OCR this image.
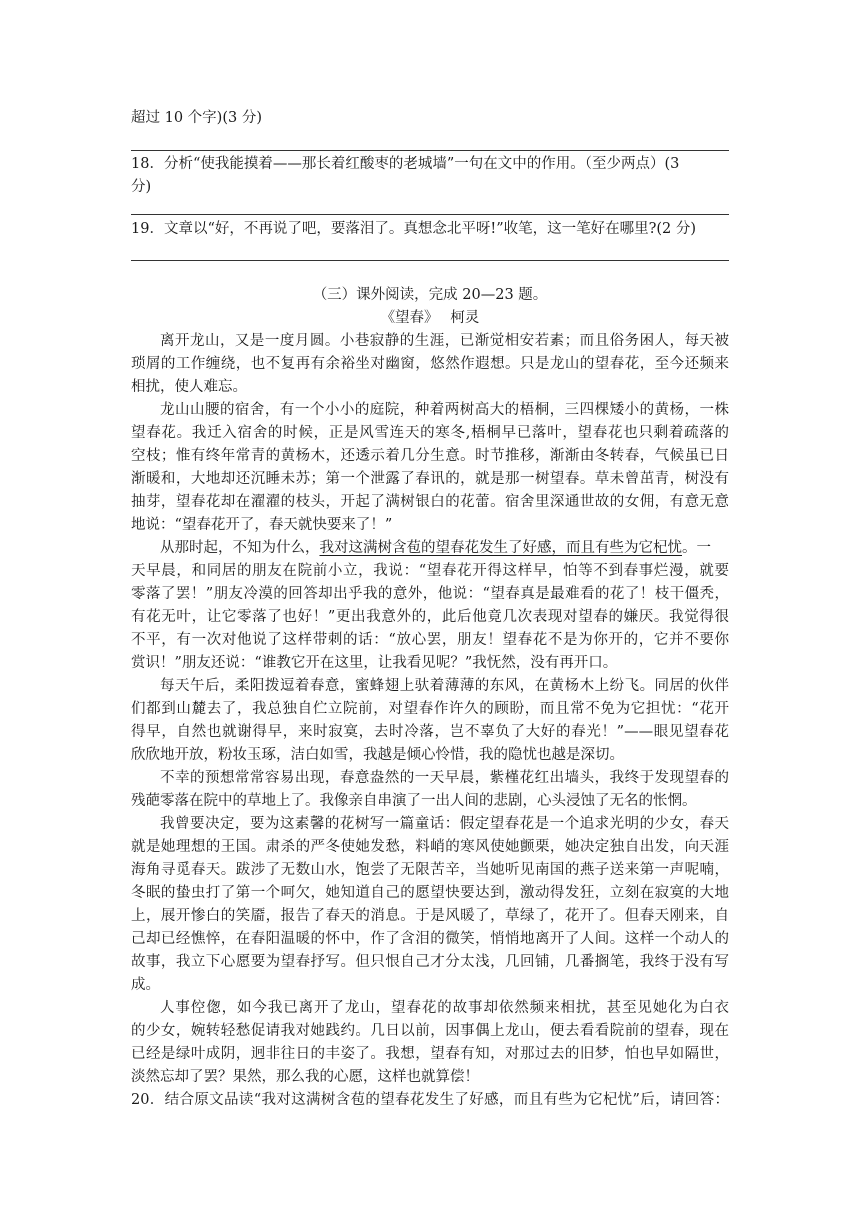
超过 10 个字)(3 分)
18．分析“使我能摸着——那长着红酸枣的老城墙”一句在文中的作用。（至少两点）(3
分)
19．文章以“好，不再说了吧，要落泪了。真想念北平呀!”收笔，这一笔好在哪里?(2 分)
（三）课外阅读，完成 20—23 题。
《望春》　 柯灵
离开龙山，又是一度月圆。小巷寂静的生涯，已渐觉相安若素；而且俗务困人，每天被
琐屑的工作缠绕，也不复再有余裕坐对幽窗，悠然作遐想。只是龙山的望春花，至今还频来
相扰，使人难忘。
龙山山腰的宿舍，有一个小小的庭院，种着两树高大的梧桐，三四棵矮小的黄杨，一株
望春花。我迁入宿舍的时候，正是风雪连天的寒冬,梧桐早已落叶，望春花也只剩着疏落的
空枝；惟有终年常青的黄杨木，还透示着几分生意。时节推移，渐渐由冬转春，气候虽已日
渐暖和，大地却还沉睡未苏；第一个泄露了春讯的，就是那一树望春。草未曾茁青，树没有
抽芽，望春花却在濯濯的枝头，开起了满树银白的花蕾。宿舍里深通世故的女佣，有意无意
地说：“望春花开了，春天就快要来了！”
从那时起，不知为什么，我对这满树含苞的望春花发生了好感，而且有些为它杞忧。一
天早晨，和同居的朋友在院前小立，我说：“望春花开得这样早，怕等不到春事烂漫，就要
零落了罢！”朋友冷漠的回答却出乎我的意外，他说：“望春真是最难看的花了！枝干僵秃，
有花无叶，让它零落了也好！”更出我意外的，此后他竟几次表现对望春的嫌厌。我觉得很
不平，有一次对他说了这样带刺的话：“放心罢，朋友！望春花不是为你开的，它并不要你
赏识！”朋友还说：“谁教它开在这里，让我看见呢？”我怃然，没有再开口。
每天午后，柔阳拨逗着春意，蜜蜂翅上驮着薄薄的东风，在黄杨木上纷飞。同居的伙伴
们都到山麓去了，我总独自伫立院前，对望春作许久的顾盼，而且常不免为它担忧：“花开
得早，自然也就谢得早，来时寂寞，去时冷落，岂不辜负了大好的春光！”——眼见望春花
欣欣地开放，粉妆玉琢，洁白如雪，我越是倾心怜惜，我的隐忧也越是深切。
不幸的预想常常容易出现，春意盎然的一天早晨，紫槿花红出墙头，我终于发现望春的
残葩零落在院中的草地上了。我像亲自串演了一出人间的悲剧，心头浸蚀了无名的怅惘。
我曾要决定，要为这素馨的花树写一篇童话：假定望春花是一个追求光明的少女，春天
就是她理想的王国。肃杀的严冬使她发愁，料峭的寒风使她颤栗，她决定独自出发，向天涯
海角寻觅春天。跋涉了无数山水，饱尝了无限苦辛，当她听见南国的燕子送来第一声呢喃，
冬眠的蛰虫打了第一个呵欠，她知道自己的愿望快要达到，激动得发狂，立刻在寂寞的大地
上，展开惨白的笑靥，报告了春天的消息。于是风暖了，草绿了，花开了。但春天刚来，自
己却已经憔悴，在春阳温暖的怀中，作了含泪的微笑，悄悄地离开了人间。这样一个动人的
故事，我立下心愿要为望春抒写。但只恨自己才分太浅，几回铺，几番搁笔，我终于没有写
成。
人事倥偬，如今我已离开了龙山，望春花的故事却依然频来相扰，甚至见她化为白衣
的少女，婉转轻愁促请我对她践约。几日以前，因事偶上龙山，便去看看院前的望春，现在
已经是绿叶成阴，迥非往日的丰姿了。我想，望春有知，对那过去的旧梦，怕也早如隔世，
淡然忘却了罢？果然，那么我的心愿，这样也就算偿！
20．结合原文品读“我对这满树含苞的望春花发生了好感，而且有些为它杞忧”后，请回答：
